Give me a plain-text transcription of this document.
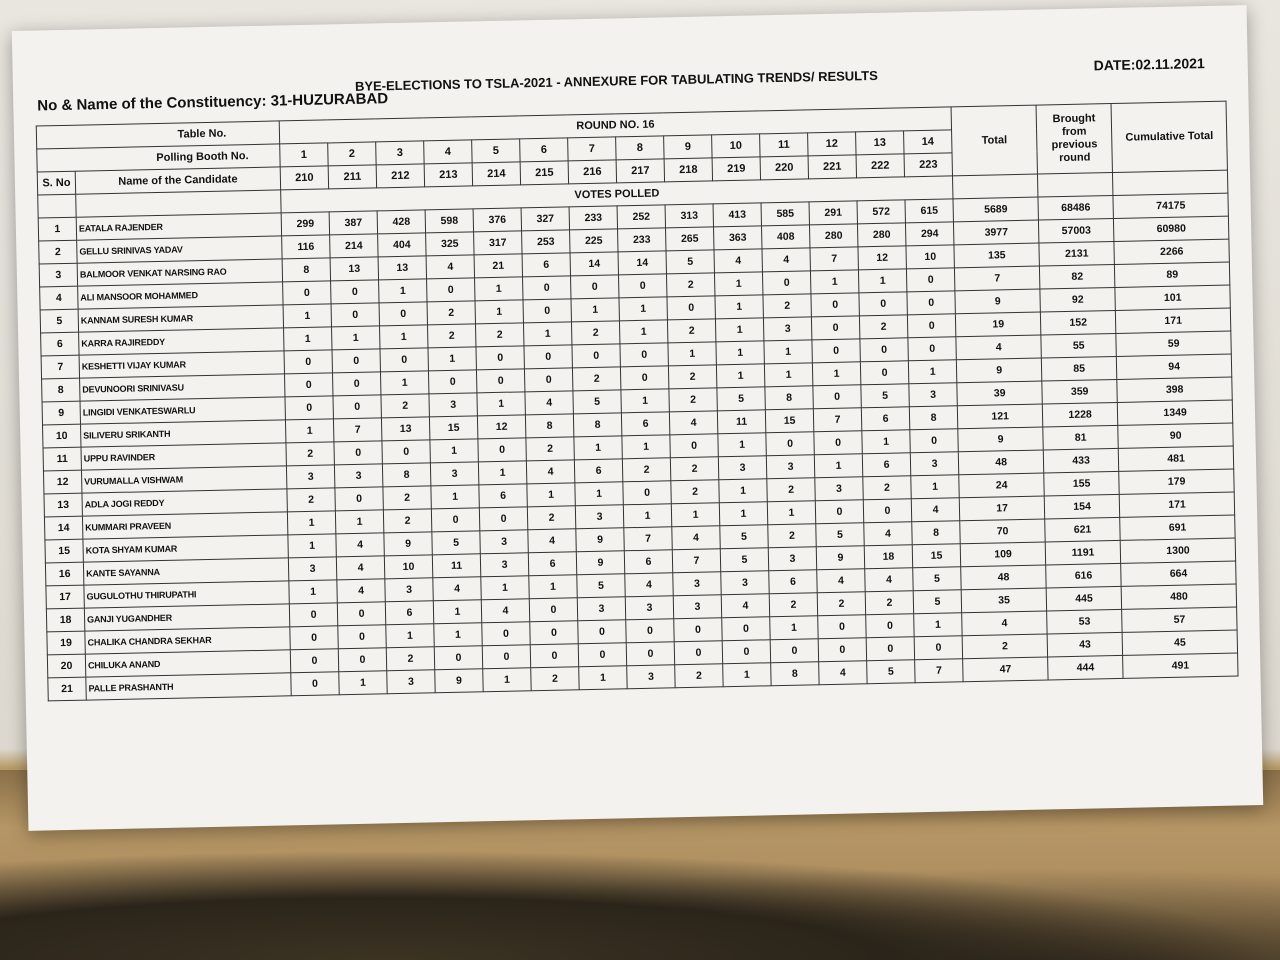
BYE-ELECTIONS TO TSLA-2021 - ANNEXURE FOR TABULATING TRENDS/ RESULTS
DATE:02.11.2021
No & Name of the Constituency: 31-HUZURABAD
Table No.		ROUND NO. 16														Total	Brought from previous round	Cumulative Total
Polling Booth No.		1	2	3	4	5	6	7	8	9	10	11	12	13	14			
S. No	Name of the Candidate	210	211	212	213	214	215	216	217	218	219	220	221	222	223			
		VOTES POLLED																
1	EATALA RAJENDER	299	387	428	598	376	327	233	252	313	413	585	291	572	615	5689	68486	74175
2	GELLU SRINIVAS YADAV	116	214	404	325	317	253	225	233	265	363	408	280	280	294	3977	57003	60980
3	BALMOOR VENKAT NARSING RAO	8	13	13	4	21	6	14	14	5	4	4	7	12	10	135	2131	2266
4	ALI MANSOOR MOHAMMED	0	0	1	0	1	0	0	0	2	1	0	1	1	0	7	82	89
5	KANNAM SURESH KUMAR	1	0	0	2	1	0	1	1	0	1	2	0	0	0	9	92	101
6	KARRA RAJIREDDY	1	1	1	2	2	1	2	1	2	1	3	0	2	0	19	152	171
7	KESHETTI VIJAY KUMAR	0	0	0	1	0	0	0	0	1	1	1	0	0	0	4	55	59
8	DEVUNOORI SRINIVASU	0	0	1	0	0	0	2	0	2	1	1	1	0	1	9	85	94
9	LINGIDI VENKATESWARLU	0	0	2	3	1	4	5	1	2	5	8	0	5	3	39	359	398
10	SILIVERU SRIKANTH	1	7	13	15	12	8	8	6	4	11	15	7	6	8	121	1228	1349
11	UPPU RAVINDER	2	0	0	1	0	2	1	1	0	1	0	0	1	0	9	81	90
12	VURUMALLA VISHWAM	3	3	8	3	1	4	6	2	2	3	3	1	6	3	48	433	481
13	ADLA JOGI REDDY	2	0	2	1	6	1	1	0	2	1	2	3	2	1	24	155	179
14	KUMMARI PRAVEEN	1	1	2	0	0	2	3	1	1	1	1	0	0	4	17	154	171
15	KOTA SHYAM KUMAR	1	4	9	5	3	4	9	7	4	5	2	5	4	8	70	621	691
16	KANTE SAYANNA	3	4	10	11	3	6	9	6	7	5	3	9	18	15	109	1191	1300
17	GUGULOTHU THIRUPATHI	1	4	3	4	1	1	5	4	3	3	6	4	4	5	48	616	664
18	GANJI YUGANDHER	0	0	6	1	4	0	3	3	3	4	2	2	2	5	35	445	480
19	CHALIKA CHANDRA SEKHAR	0	0	1	1	0	0	0	0	0	0	1	0	0	1	4	53	57
20	CHILUKA ANAND	0	0	2	0	0	0	0	0	0	0	0	0	0	0	2	43	45
21	PALLE PRASHANTH	0	1	3	9	1	2	1	3	2	1	8	4	5	7	47	444	491
